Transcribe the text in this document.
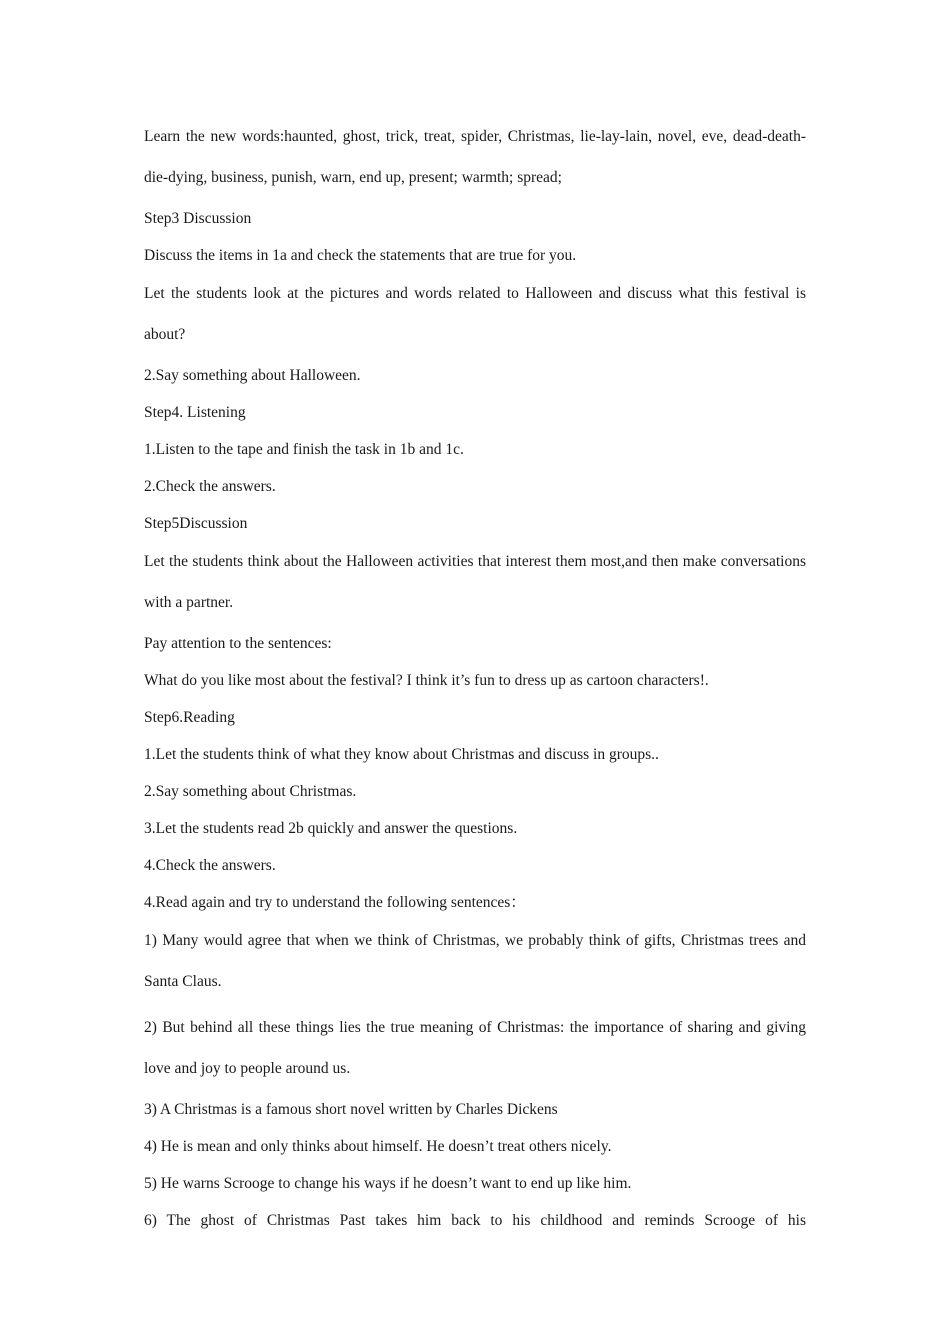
Learn the new words:haunted, ghost, trick, treat, spider, Christmas, lie-lay-lain, novel, eve, dead-death-die-dying, business, punish, warn, end up, present; warmth; spread;
Step3 Discussion
Discuss the items in 1a and check the statements that are true for you.
Let the students look at the pictures and words related to Halloween and discuss what this festival is about?
2.Say something about Halloween.
Step4. Listening
1.Listen to the tape and finish the task in 1b and 1c.
2.Check the answers.
Step5Discussion
Let the students think about the Halloween activities that interest them most,and then make conversations with a partner.
Pay attention to the sentences:
What do you like most about the festival? I think it’s fun to dress up as cartoon characters!.
Step6.Reading
1.Let the students think of what they know about Christmas and discuss in groups..
2.Say something about Christmas.
3.Let the students read 2b quickly and answer the questions.
4.Check the answers.
4.Read again and try to understand the following sentences：
1) Many would agree that when we think of Christmas, we probably think of gifts, Christmas trees and Santa Claus.
2) But behind all these things lies the true meaning of Christmas: the importance of sharing and giving love and joy to people around us.
3) A Christmas is a famous short novel written by Charles Dickens
4) He is mean and only thinks about himself. He doesn’t treat others nicely.
5) He warns Scrooge to change his ways if he doesn’t want to end up like him.
6) The ghost of Christmas Past takes him back to his childhood and reminds Scrooge of his
